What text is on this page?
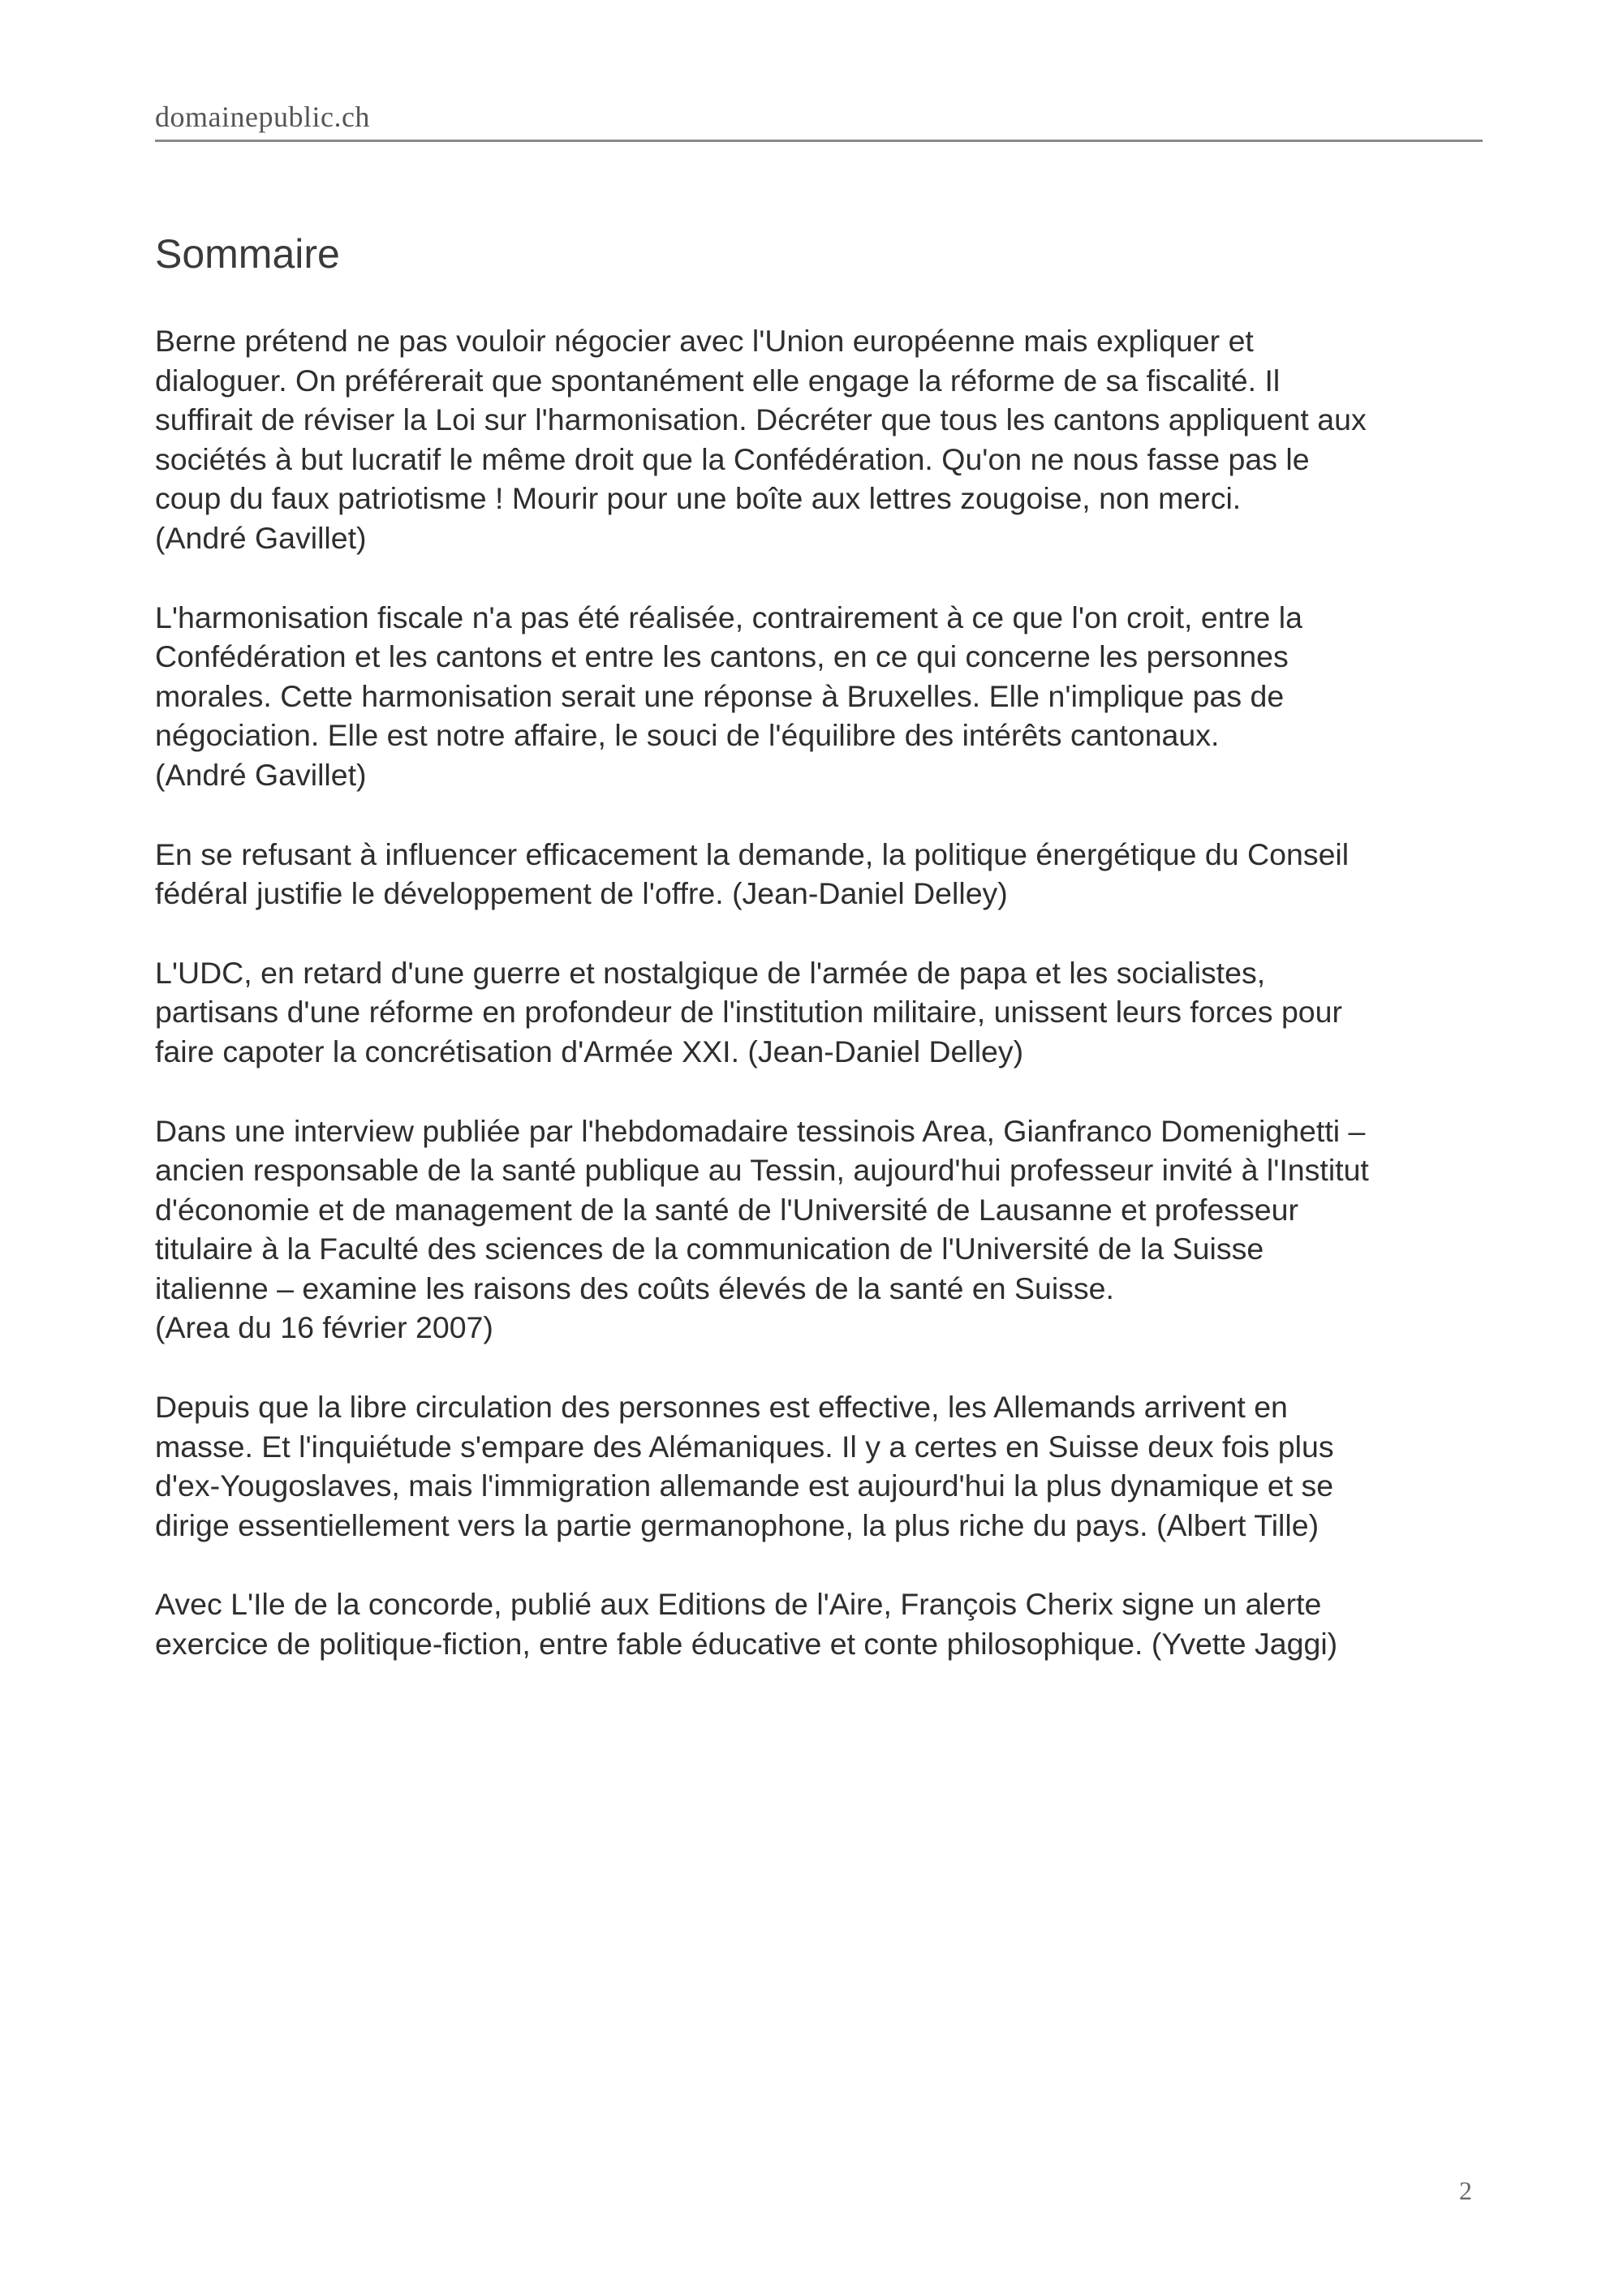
domainepublic.ch
Sommaire
Berne prétend ne pas vouloir négocier avec l'Union européenne mais expliquer et
dialoguer. On préférerait que spontanément elle engage la réforme de sa fiscalité. Il
suffirait de réviser la Loi sur l'harmonisation. Décréter que tous les cantons appliquent aux
sociétés à but lucratif le même droit que la Confédération. Qu'on ne nous fasse pas le
coup du faux patriotisme ! Mourir pour une boîte aux lettres zougoise, non merci.
(André Gavillet)
L'harmonisation fiscale n'a pas été réalisée, contrairement à ce que l'on croit, entre la
Confédération et les cantons et entre les cantons, en ce qui concerne les personnes
morales. Cette harmonisation serait une réponse à Bruxelles. Elle n'implique pas de
négociation. Elle est notre affaire, le souci de l'équilibre des intérêts cantonaux.
(André Gavillet)
En se refusant à influencer efficacement la demande, la politique énergétique du Conseil
fédéral justifie le développement de l'offre. (Jean-Daniel Delley)
L'UDC, en retard d'une guerre et nostalgique de l'armée de papa et les socialistes,
partisans d'une réforme en profondeur de l'institution militaire, unissent leurs forces pour
faire capoter la concrétisation d'Armée XXI. (Jean-Daniel Delley)
Dans une interview publiée par l'hebdomadaire tessinois Area, Gianfranco Domenighetti –
ancien responsable de la santé publique au Tessin, aujourd'hui professeur invité à l'Institut
d'économie et de management de la santé de l'Université de Lausanne et professeur
titulaire à la Faculté des sciences de la communication de l'Université de la Suisse
italienne – examine les raisons des coûts élevés de la santé en Suisse.
(Area du 16 février 2007)
Depuis que la libre circulation des personnes est effective, les Allemands arrivent en
masse. Et l'inquiétude s'empare des Alémaniques. Il y a certes en Suisse deux fois plus
d'ex-Yougoslaves, mais l'immigration allemande est aujourd'hui la plus dynamique et se
dirige essentiellement vers la partie germanophone, la plus riche du pays. (Albert Tille)
Avec L'Ile de la concorde, publié aux Editions de l'Aire, François Cherix signe un alerte
exercice de politique-fiction, entre fable éducative et conte philosophique. (Yvette Jaggi)
2
